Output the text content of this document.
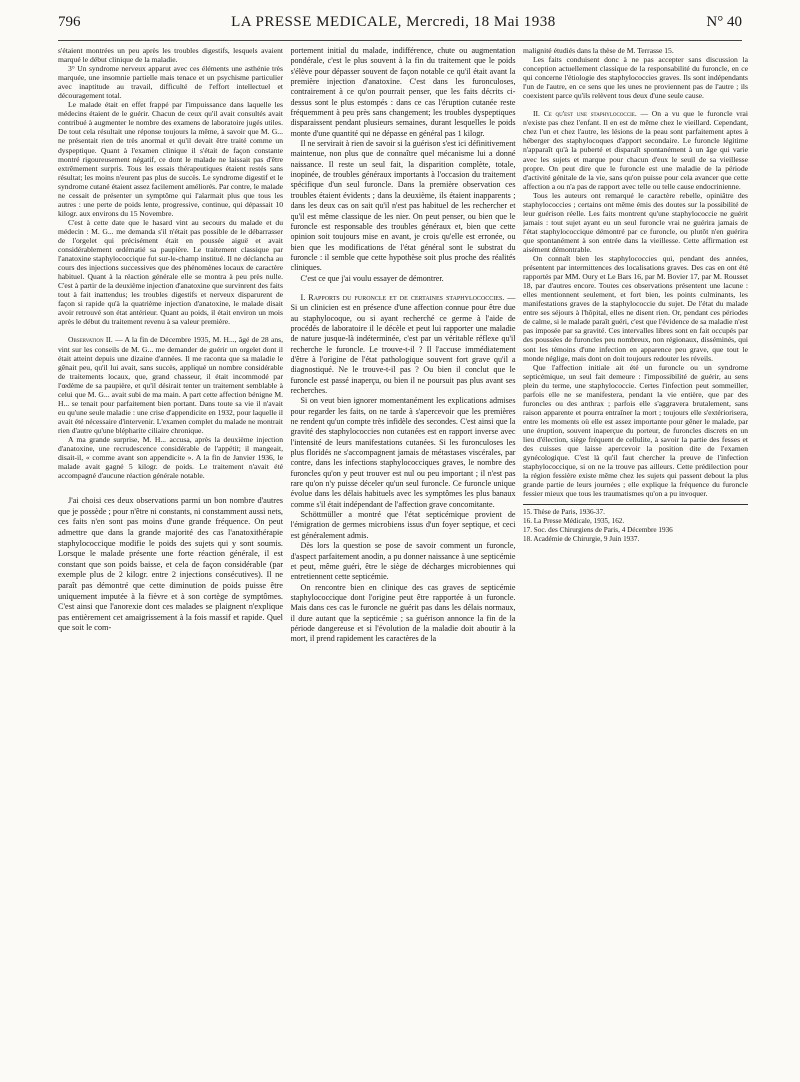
796	LA PRESSE MEDICALE, Mercredi, 18 Mai 1938	N° 40

s'étaient montrées un peu après les troubles digestifs, lesquels avaient marqué le début clinique de la maladie.

3° Un syndrome nerveux apparut avec ces éléments une asthénie très marquée, une insomnie partielle mais tenace et un psychisme particulier avec inaptitude au travail, difficulté de l'effort intellectuel et découragement total.

Le malade était en effet frappé par l'impuissance dans laquelle les médecins étaient de le guérir. Chacun de ceux qu'il avait consultés avait contribué à augmenter le nombre des examens de laboratoire jugés utiles. De tout cela résultait une réponse toujours la même, à savoir que M. G... ne présentait rien de très anormal et qu'il devait être traité comme un dyspeptique. Quant à l'examen clinique il s'était de façon constante montré rigoureusement négatif, ce dont le malade ne laissait pas d'être extrêmement surpris. Tous les essais thérapeutiques étaient restés sans résultat; les moins n'eurent pas plus de succès. Le syndrome digestif et le syndrome cutané étaient assez facilement améliorés. Par contre, le malade ne cessait de présenter un symptôme qui l'alarmait plus que tous les autres : une perte de poids lente, progressive, continue, qui dépassait 10 kilogr. aux environs du 15 Novembre.

C'est à cette date que le hasard vint au secours du malade et du médecin : M. G... me demanda s'il n'était pas possible de le débarrasser de l'orgelet qui précisément était en poussée aiguë et avait considérablement œdématié sa paupière. Le traitement classique par l'anatoxine staphylococcique fut sur-le-champ institué. Il ne déclancha au cours des injections successives que des phénomènes locaux de caractère habituel. Quant à la réaction générale elle se montra à peu près nulle. C'est à partir de la deuxième injection d'anatoxine que survinrent des faits tout à fait inattendus; les troubles digestifs et nerveux disparurent de façon si rapide qu'à la quatrième injection d'anatoxine, le malade disait avoir retrouvé son état antérieur. Quant au poids, il était environ un mois après le début du traitement revenu à sa valeur première.

Observation II. — A la fin de Décembre 1935, M. H..., âgé de 28 ans, vint sur les conseils de M. G... me demander de guérir un orgelet dont il était atteint depuis une dizaine d'années. Il me raconta que sa maladie le gênait peu, qu'il lui avait, sans succès, appliqué un nombre considérable de traitements locaux, que, grand chasseur, il était incommodé par l'œdème de sa paupière, et qu'il désirait tenter un traitement semblable à celui que M. G... avait subi de ma main. A part cette affection bénigne M. H... se tenait pour parfaitement bien portant. Dans toute sa vie il n'avait eu qu'une seule maladie : une crise d'appendicite en 1932, pour laquelle il avait été nécessaire d'intervenir. L'examen complet du malade ne montrait rien d'autre qu'une blépharite ciliaire chronique.

A ma grande surprise, M. H... accusa, après la deuxième injection d'anatoxine, une recrudescence considérable de l'appétit; il mangeait, disait-il, « comme avant son appendicite ». A la fin de Janvier 1936, le malade avait gagné 5 kilogr. de poids. Le traitement n'avait été accompagné d'aucune réaction générale notable.

J'ai choisi ces deux observations parmi un bon nombre d'autres que je possède ; pour n'être ni constants, ni constamment aussi nets, ces faits n'en sont pas moins d'une grande fréquence. On peut admettre que dans la grande majorité des cas l'anatoxithérapie staphylococcique modifie le poids des sujets qui y sont soumis. Lorsque le malade présente une forte réaction générale, il est constant que son poids baisse, et cela de façon considérable (par exemple plus de 2 kilogr. entre 2 injections consécutives). Il ne paraît pas démontré que cette diminution de poids puisse être uniquement imputée à la fièvre et à son cortège de symptômes. C'est ainsi que l'anorexie dont ces malades se plaignent n'explique pas entièrement cet amaigrissement à la fois massif et rapide. Quel que soit le com-

portement initial du malade, indifférence, chute ou augmentation pondérale, c'est le plus souvent à la fin du traitement que le poids s'élève pour dépasser souvent de façon notable ce qu'il était avant la première injection d'anatoxine. C'est dans les furonculoses, contrairement à ce qu'on pourrait penser, que les faits décrits ci-dessus sont le plus estompés : dans ce cas l'éruption cutanée reste fréquemment à peu près sans changement; les troubles dyspeptiques disparaissent pendant plusieurs semaines, durant lesquelles le poids monte d'une quantité qui ne dépasse en général pas 1 kilogr.

Il ne servirait à rien de savoir si la guérison s'est ici définitivement maintenue, non plus que de connaître quel mécanisme lui a donné naissance. Il reste un seul fait, la disparition complète, totale, inopinée, de troubles généraux importants à l'occasion du traitement spécifique d'un seul furoncle. Dans la première observation ces troubles étaient évidents ; dans la deuxième, ils étaient inapparents ; dans les deux cas on sait qu'il n'est pas habituel de les rechercher et qu'il est même classique de les nier. On peut penser, ou bien que le furoncle est responsable des troubles généraux et, bien que cette opinion soit toujours mise en avant, je crois qu'elle est erronée, ou bien que les modifications de l'état général sont le substrat du furoncle : il semble que cette hypothèse soit plus proche des réalités cliniques.

C'est ce que j'ai voulu essayer de démontrer.

I. Rapports du furoncle et de certaines staphylococcies. — Si un clinicien est en présence d'une affection connue pour être due au staphylocoque, ou si ayant recherché ce germe à l'aide de procédés de laboratoire il le décèle et peut lui rapporter une maladie de nature jusque-là indéterminée, c'est par un véritable réflexe qu'il recherche le furoncle. Le trouve-t-il ? Il l'accuse immédiatement d'être à l'origine de l'état pathologique souvent fort grave qu'il a diagnostiqué. Ne le trouve-t-il pas ? Ou bien il conclut que le furoncle est passé inaperçu, ou bien il ne poursuit pas plus avant ses recherches.

Si on veut bien ignorer momentanément les explications admises pour regarder les faits, on ne tarde à s'apercevoir que les premières ne rendent qu'un compte très infidèle des secondes. C'est ainsi que la gravité des staphylococcies non cutanées est en rapport inverse avec l'intensité de leurs manifestations cutanées. Si les furonculoses les plus floridés ne s'accompagnent jamais de métastases viscérales, par contre, dans les infections staphylococciques graves, le nombre des furoncles qu'on y peut trouver est nul ou peu important ; il n'est pas rare qu'on n'y puisse déceler qu'un seul furoncle. Ce furoncle unique évolue dans les délais habituels avec les symptômes les plus banaux comme s'il était indépendant de l'affection grave concomitante.

Schöttmüller a montré que l'état septicémique provient de l'émigration de germes microbiens issus d'un foyer septique, et ceci est généralement admis.

Dès lors la question se pose de savoir comment un furoncle, d'aspect parfaitement anodin, a pu donner naissance à une septicémie et peut, même guéri, être le siège de décharges microbiennes qui entretiennent cette septicémie.

On rencontre bien en clinique des cas graves de septicémie staphylococcique dont l'origine peut être rapportée à un furoncle. Mais dans ces cas le furoncle ne guérit pas dans les délais normaux, il dure autant que la septicémie ; sa guérison annonce la fin de la période dangereuse et si l'évolution de la maladie doit aboutir à la mort, il prend rapidement les caractères de la

malignité étudiés dans la thèse de M. Terrasse 15.

Les faits conduisent donc à ne pas accepter sans discussion la conception actuellement classique de la responsabilité du furoncle, en ce qui concerne l'étiologie des staphylococcies graves. Ils sont indépendants l'un de l'autre, en ce sens que les unes ne proviennent pas de l'autre ; ils coexistent parce qu'ils relèvent tous deux d'une seule cause.

II. Ce qu'est une staphylococcie. — On a vu que le furoncle vrai n'existe pas chez l'enfant. Il en est de même chez le vieillard. Cependant, chez l'un et chez l'autre, les lésions de la peau sont parfaitement aptes à héberger des staphylocoques d'apport secondaire. Le furoncle légitime n'apparaît qu'à la puberté et disparaît spontanément à un âge qui varie avec les sujets et marque pour chacun d'eux le seuil de sa vieillesse propre. On peut dire que le furoncle est une maladie de la période d'activité génitale de la vie, sans qu'on puisse pour cela avancer que cette affection a ou n'a pas de rapport avec telle ou telle cause endocrinienne.

Tous les auteurs ont remarqué le caractère rebelle, opiniâtre des staphylococcies ; certains ont même émis des doutes sur la possibilité de leur guérison réelle. Les faits montrent qu'une staphylococcie ne guérit jamais : tout sujet ayant eu un seul furoncle vrai ne guérira jamais de l'état staphylococcique démontré par ce furoncle, ou plutôt n'en guérira que spontanément à son entrée dans la vieillesse. Cette affirmation est aisément démontrable.

On connaît bien les staphylococcies qui, pendant des années, présentent par intermittences des localisations graves. Des cas en ont été rapportés par MM. Oury et Le Bars 16, par M. Bovier 17, par M. Rousset 18, par d'autres encore. Toutes ces observations présentent une lacune : elles mentionnent seulement, et fort bien, les points culminants, les manifestations graves de la staphylococcie du sujet. De l'état du malade entre ses séjours à l'hôpital, elles ne disent rien. Or, pendant ces périodes de calme, si le malade paraît guéri, c'est que l'évidence de sa maladie n'est pas imposée par sa gravité. Ces intervalles libres sont en fait occupés par des poussées de furoncles peu nombreux, non régionaux, disséminés, qui sont les témoins d'une infection en apparence peu grave, que tout le monde néglige, mais dont on doit toujours redouter les réveils.

Que l'affection initiale ait été un furoncle ou un syndrome septicémique, un seul fait demeure : l'impossibilité de guérir, au sens plein du terme, une staphylococcie. Certes l'infection peut sommeiller, parfois elle ne se manifestera, pendant la vie entière, que par des furoncles ou des anthrax ; parfois elle s'aggravera brutalement, sans raison apparente et pourra entraîner la mort ; toujours elle s'extériorisera, entre les moments où elle est assez importante pour gêner le malade, par une éruption, souvent inaperçue du porteur, de furoncles discrets en un lieu d'élection, siège fréquent de cellulite, à savoir la partie des fesses et des cuisses que laisse apercevoir la position dite de l'examen gynécologique. C'est là qu'il faut chercher la preuve de l'infection staphylococcique, si on ne la trouve pas ailleurs. Cette prédilection pour la région fessière existe même chez les sujets qui passent debout la plus grande partie de leurs journées ; elle explique la fréquence du furoncle fessier mieux que tous les traumatismes qu'on a pu invoquer.

15. Thèse de Paris, 1936-37.

16. La Presse Médicale, 1935, 162.

17. Soc. des Chirurgiens de Paris, 4 Décembre 1936

18. Académie de Chirurgie, 9 Juin 1937.
